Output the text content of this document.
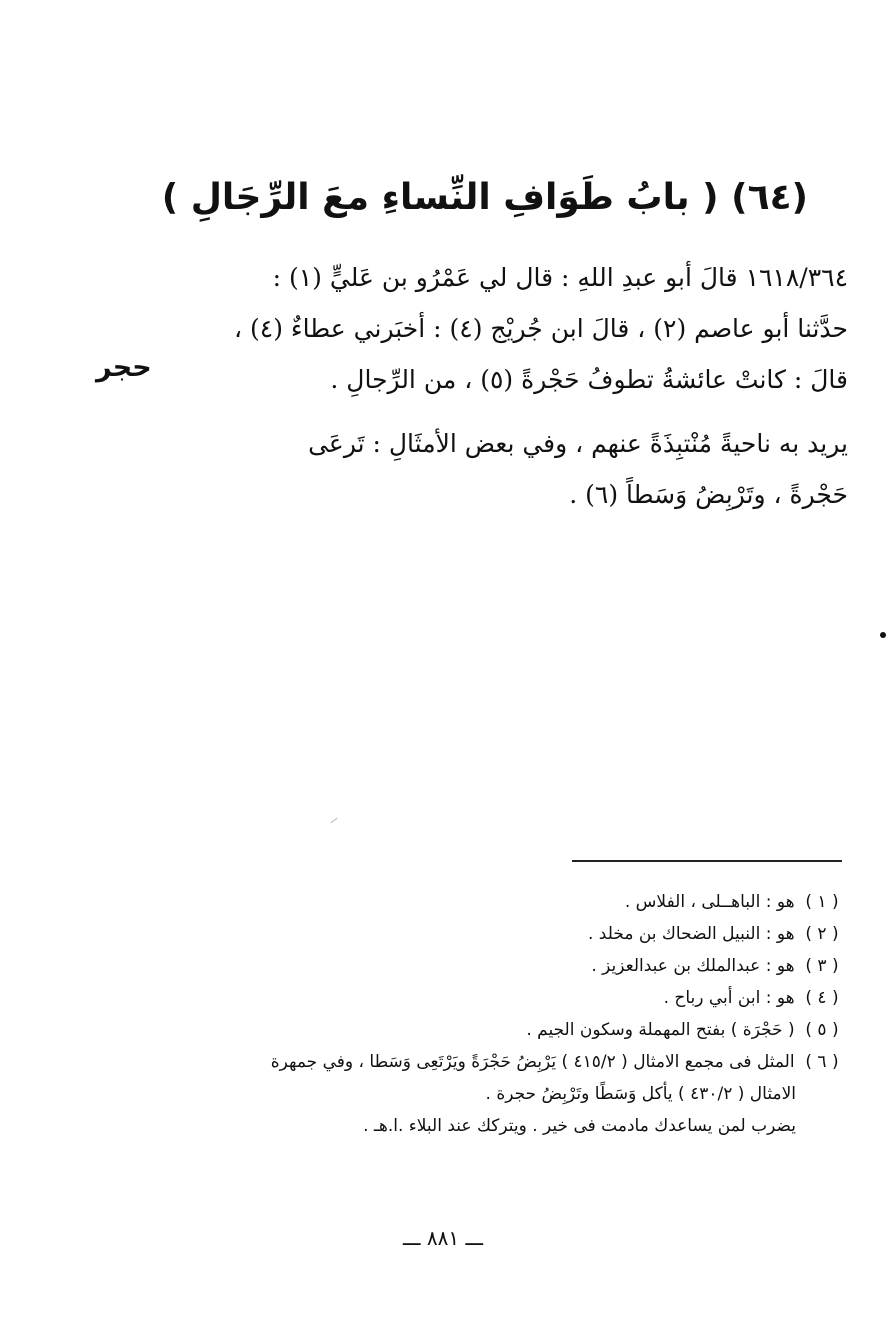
(٦٤) ( بابُ طَوَافِ النِّساءِ معَ الرِّجَالِ )
١٦١٨/٣٦٤ قالَ أبو عبدِ اللهِ : قال لي عَمْرُو بن عَليٍّ (١) :
حدَّثنا أبو عاصم (٢) ، قالَ ابن جُريْج (٤) : أخبَرني عطاءٌ (٤) ،
قالَ : كانتْ عائشةُ تطوفُ حَجْرةً (٥) ، من الرِّجالِ .
حجر
يريد به ناحيةً مُنْتبِذَةً عنهم ، وفي بعض الأمثَالِ : تَرعَى
حَجْرةً ، وتَرْبِضُ وَسَطاً (٦) .
( ١ ) هو : الباهــلى ، الفلاس .
( ٢ ) هو : النبيل الضحاك بن مخلد .
( ٣ ) هو : عبدالملك بن عبدالعزيز .
( ٤ ) هو : ابن أبي رباح .
( ٥ ) ( حَجْرَة ) بفتح المهملة وسكون الجيم .
( ٦ ) المثل فى مجمع الامثال ( ٤١٥/٢ ) يَرْبِضُ حَجْرَةً ويَرْتَعِى وَسَطا ، وفي جمهرة
الامثال ( ٤٣٠/٢ ) يأكل وَسَطًا وتَرْبِضُ حجرة .
يضرب لمن يساعدك مادمت فى خير . ويتركك عند البلاء .ا.هـ .
ـــ ٨٨١ ـــ
